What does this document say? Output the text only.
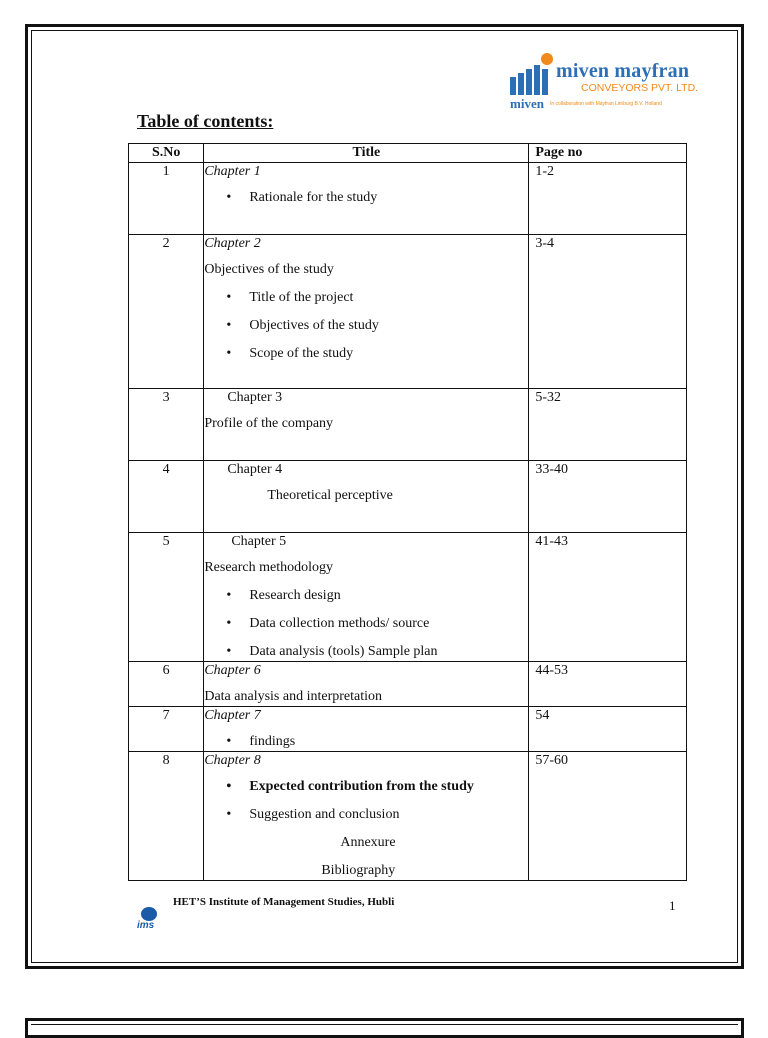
miven mayfran
CONVEYORS PVT. LTD.
miven In collaboration with Mayfran Limburg B.V. Holland
Table of contents:
S.No	Title	Page no
1	Chapter 1
• Rationale for the study	1-2
2	Chapter 2
Objectives of the study
• Title of the project
• Objectives of the study
• Scope of the study	3-4
3	Chapter 3
Profile of the company	5-32
4	Chapter 4
Theoretical perceptive	33-40
5	Chapter 5
Research methodology
• Research design
• Data collection methods/ source
• Data analysis (tools) Sample plan	41-43
6	Chapter 6
Data analysis and interpretation	44-53
7	Chapter 7
• findings	54
8	Chapter 8
• Expected contribution from the study
• Suggestion and conclusion
Annexure
Bibliography	57-60
HET’S Institute of Management Studies, Hubli	1
ims
